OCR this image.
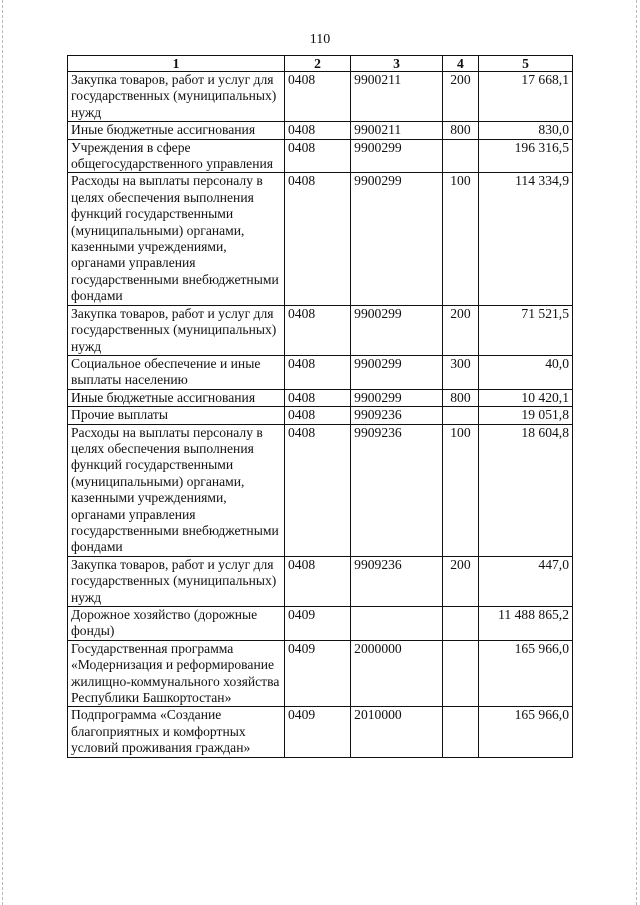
110
1	2	3	4	5
Закупка товаров, работ и услуг для государственных (муниципальных) нужд	0408	9900211	200	17 668,1
Иные бюджетные ассигнования	0408	9900211	800	830,0
Учреждения в сфере общегосударственного управления	0408	9900299		196 316,5
Расходы на выплаты персоналу в целях обеспечения выполнения функций государственными (муниципальными) органами, казенными учреждениями, органами управления государственными внебюджетными фондами	0408	9900299	100	114 334,9
Закупка товаров, работ и услуг для государственных (муниципальных) нужд	0408	9900299	200	71 521,5
Социальное обеспечение и иные выплаты населению	0408	9900299	300	40,0
Иные бюджетные ассигнования	0408	9900299	800	10 420,1
Прочие выплаты	0408	9909236		19 051,8
Расходы на выплаты персоналу в целях обеспечения выполнения функций государственными (муниципальными) органами, казенными учреждениями, органами управления государственными внебюджетными фондами	0408	9909236	100	18 604,8
Закупка товаров, работ и услуг для государственных (муниципальных) нужд	0408	9909236	200	447,0
Дорожное хозяйство (дорожные фонды)	0409			11 488 865,2
Государственная программа «Модернизация и реформирование жилищно-коммунального хозяйства Республики Башкортостан»	0409	2000000		165 966,0
Подпрограмма «Создание благоприятных и комфортных условий проживания граждан»	0409	2010000		165 966,0
